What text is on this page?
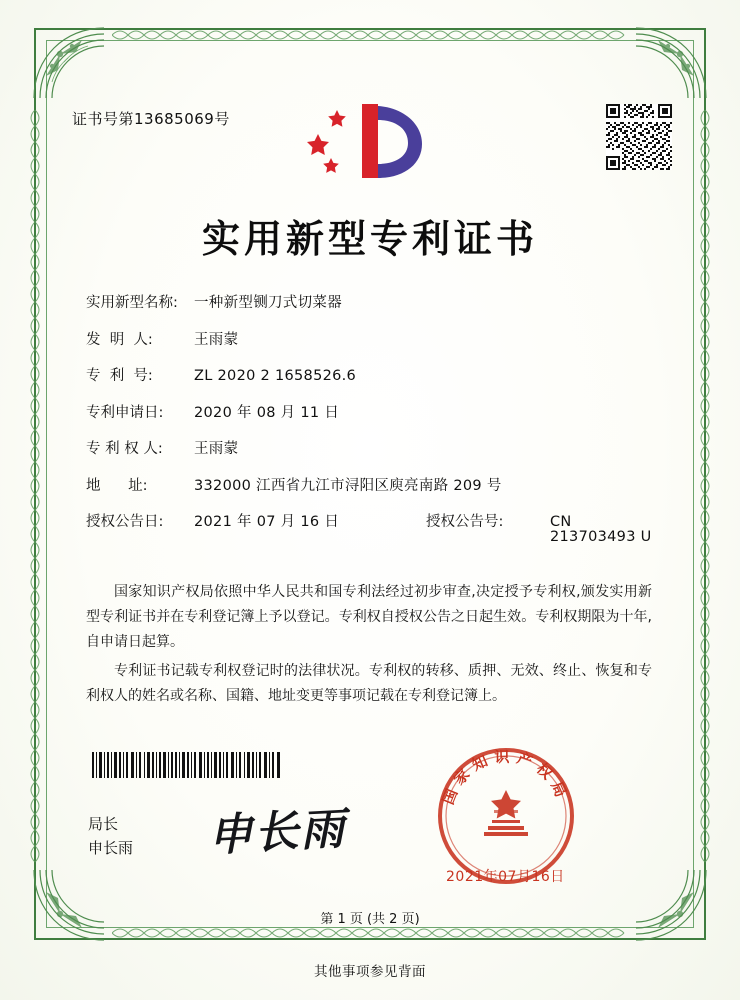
证书号第13685069号
实用新型专利证书
实用新型名称:	一种新型铡刀式切菜器
发  明  人:	王雨蒙
专  利  号:	ZL 2020 2 1658526.6
专利申请日:	2020 年 08 月 11 日
专 利 权 人:	王雨蒙
地      址:	332000 江西省九江市浔阳区庾亮南路 209 号
授权公告日:	2021 年 07 月 16 日	授权公告号:	CN 213703493 U

国家知识产权局依照中华人民共和国专利法经过初步审查,决定授予专利权,颁发实用新型专利证书并在专利登记簿上予以登记。专利权自授权公告之日起生效。专利权期限为十年,自申请日起算。

专利证书记载专利权登记时的法律状况。专利权的转移、质押、无效、终止、恢复和专利权人的姓名或名称、国籍、地址变更等事项记载在专利登记簿上。

国家知识产权局
2021年07月16日
局长
申长雨 申长雨
第 1 页 (共 2 页)
其他事项参见背面
